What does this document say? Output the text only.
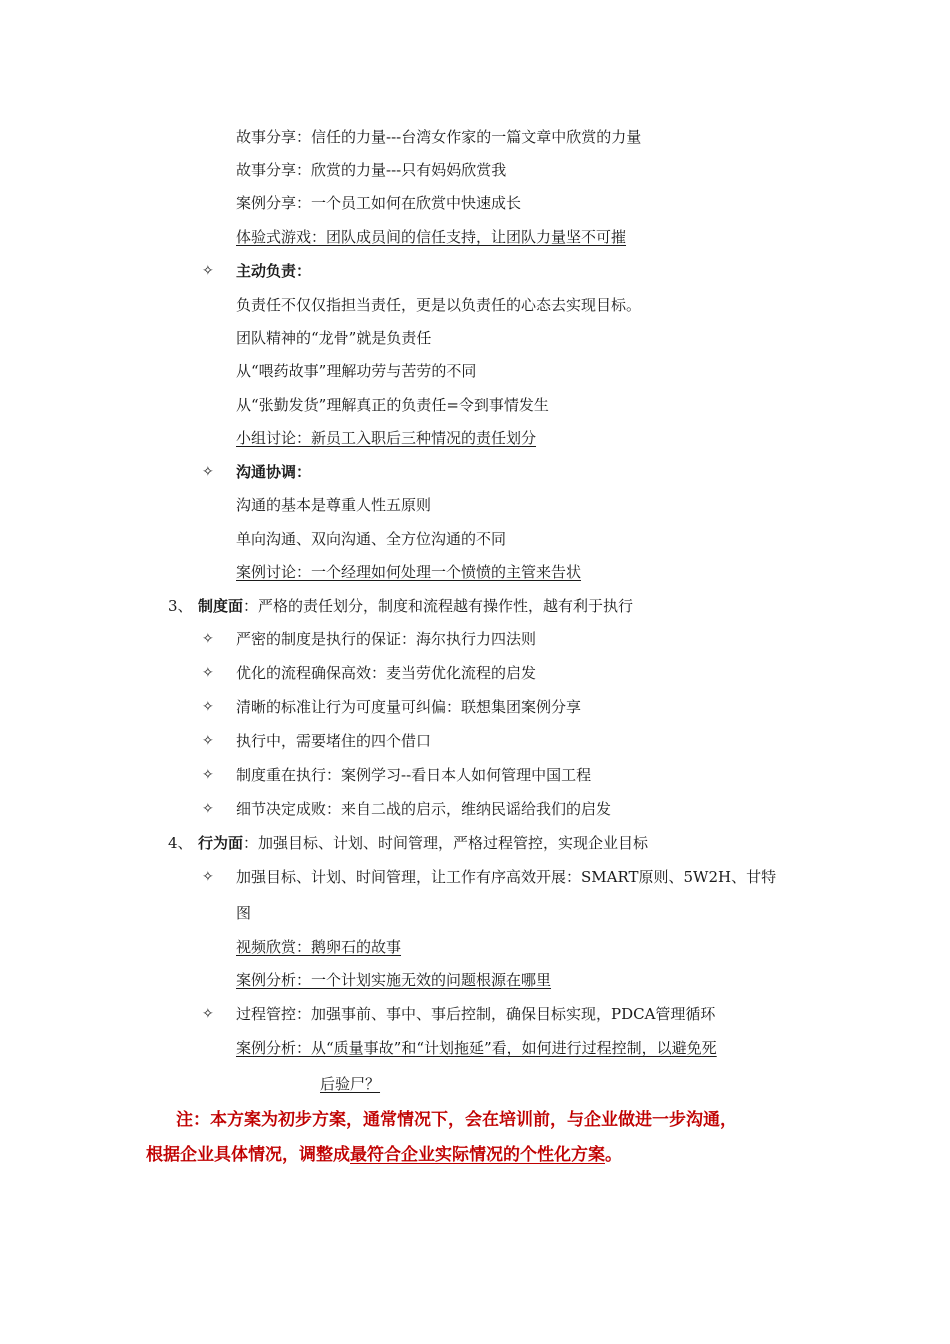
故事分享：信任的力量---台湾女作家的一篇文章中欣赏的力量
故事分享：欣赏的力量---只有妈妈欣赏我
案例分享：一个员工如何在欣赏中快速成长
体验式游戏：团队成员间的信任支持，让团队力量坚不可摧
✧ 主动负责：
负责任不仅仅指担当责任，更是以负责任的心态去实现目标。
团队精神的“龙骨”就是负责任
从“喂药故事”理解功劳与苦劳的不同
从“张勤发货”理解真正的负责任=令到事情发生
小组讨论：新员工入职后三种情况的责任划分
✧ 沟通协调：
沟通的基本是尊重人性五原则
单向沟通、双向沟通、全方位沟通的不同
案例讨论：一个经理如何处理一个愤愤的主管来告状
3、 制度面：严格的责任划分，制度和流程越有操作性，越有利于执行
✧ 严密的制度是执行的保证：海尔执行力四法则
✧ 优化的流程确保高效：麦当劳优化流程的启发
✧ 清晰的标准让行为可度量可纠偏：联想集团案例分享
✧ 执行中，需要堵住的四个借口
✧ 制度重在执行：案例学习--看日本人如何管理中国工程
✧ 细节决定成败：来自二战的启示，维纳民谣给我们的启发
4、 行为面：加强目标、计划、时间管理，严格过程管控，实现企业目标
✧ 加强目标、计划、时间管理，让工作有序高效开展：SMART原则、5W2H、甘特
图
视频欣赏：鹅卵石的故事
案例分析：一个计划实施无效的问题根源在哪里
✧ 过程管控：加强事前、事中、事后控制，确保目标实现，PDCA管理循环
案例分析：从“质量事故”和“计划拖延”看，如何进行过程控制，以避免死
后验尸？
注：本方案为初步方案，通常情况下，会在培训前，与企业做进一步沟通，
根据企业具体情况，调整成最符合企业实际情况的个性化方案。
